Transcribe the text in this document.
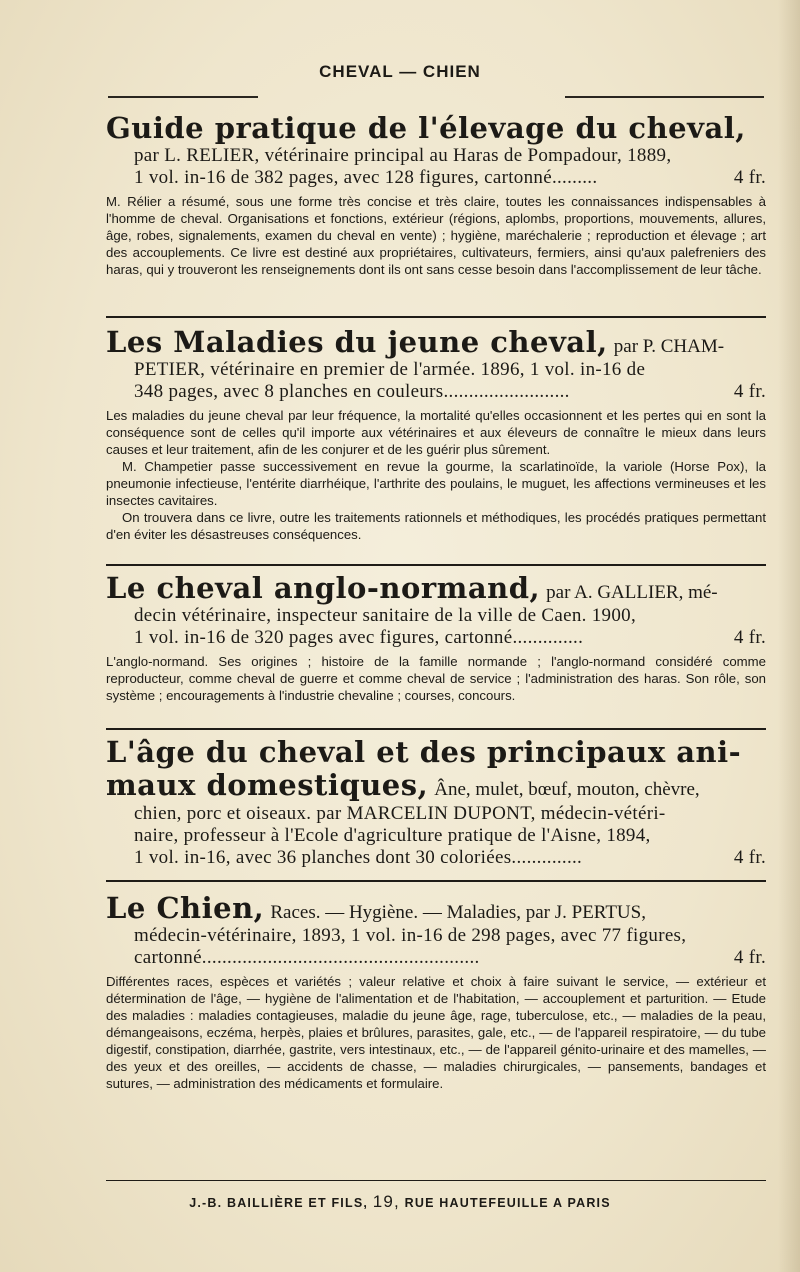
CHEVAL — CHIEN
Guide pratique de l'élevage du cheval,
par L. RELIER, vétérinaire principal au Haras de Pompadour, 1889,
1 vol. in-16 de 382 pages, avec 128 figures, cartonné.........	4 fr.

M. Rélier a résumé, sous une forme très concise et très claire, toutes les connaissances indispensables à l'homme de cheval. Organisations et fonctions, extérieur (régions, aplombs, proportions, mouvements, allures, âge, robes, signalements, examen du cheval en vente) ; hygiène, maréchalerie ; reproduction et élevage ; art des accouplements. Ce livre est destiné aux propriétaires, cultivateurs, fermiers, ainsi qu'aux palefreniers des haras, qui y trouveront les renseignements dont ils ont sans cesse besoin dans l'accomplissement de leur tâche.

Les Maladies du jeune cheval, par P. CHAM-
PETIER, vétérinaire en premier de l'armée. 1896, 1 vol. in-16 de
348 pages, avec 8 planches en couleurs.........................	4 fr.

Les maladies du jeune cheval par leur fréquence, la mortalité qu'elles occasionnent et les pertes qui en sont la conséquence sont de celles qu'il importe aux vétérinaires et aux éleveurs de connaître le mieux dans leurs causes et leur traitement, afin de les conjurer et de les guérir plus sûrement.

M. Champetier passe successivement en revue la gourme, la scarlatinoïde, la variole (Horse Pox), la pneumonie infectieuse, l'entérite diarrhéique, l'arthrite des poulains, le muguet, les affections vermineuses et les insectes cavitaires.

On trouvera dans ce livre, outre les traitements rationnels et méthodiques, les procédés pratiques permettant d'en éviter les désastreuses conséquences.

Le cheval anglo-normand, par A. GALLIER, mé-
decin vétérinaire, inspecteur sanitaire de la ville de Caen. 1900,
1 vol. in-16 de 320 pages avec figures, cartonné..............	4 fr.

L'anglo-normand. Ses origines ; histoire de la famille normande ; l'anglo-normand considéré comme reproducteur, comme cheval de guerre et comme cheval de service ; l'administration des haras. Son rôle, son système ; encouragements à l'industrie chevaline ; courses, concours.

L'âge du cheval et des principaux ani-
maux domestiques, Âne, mulet, bœuf, mouton, chèvre,
chien, porc et oiseaux. par MARCELIN DUPONT, médecin-vétéri-
naire, professeur à l'Ecole d'agriculture pratique de l'Aisne, 1894,
1 vol. in-16, avec 36 planches dont 30 coloriées..............	4 fr.
Le Chien, Races. — Hygiène. — Maladies, par J. PERTUS,
médecin-vétérinaire, 1893, 1 vol. in-16 de 298 pages, avec 77 figures,
cartonné.......................................................	4 fr.

Différentes races, espèces et variétés ; valeur relative et choix à faire suivant le service, — extérieur et détermination de l'âge, — hygiène de l'alimentation et de l'habitation, — accouplement et parturition. — Etude des maladies : maladies contagieuses, maladie du jeune âge, rage, tuberculose, etc., — maladies de la peau, démangeaisons, eczéma, herpès, plaies et brûlures, parasites, gale, etc., — de l'appareil respiratoire, — du tube digestif, constipation, diarrhée, gastrite, vers intestinaux, etc., — de l'appareil génito-urinaire et des mamelles, — des yeux et des oreilles, — accidents de chasse, — maladies chirurgicales, — pansements, bandages et sutures, — administration des médicaments et formulaire.

J.-B. BAILLIÈRE ET FILS, 19, RUE HAUTEFEUILLE A PARIS
